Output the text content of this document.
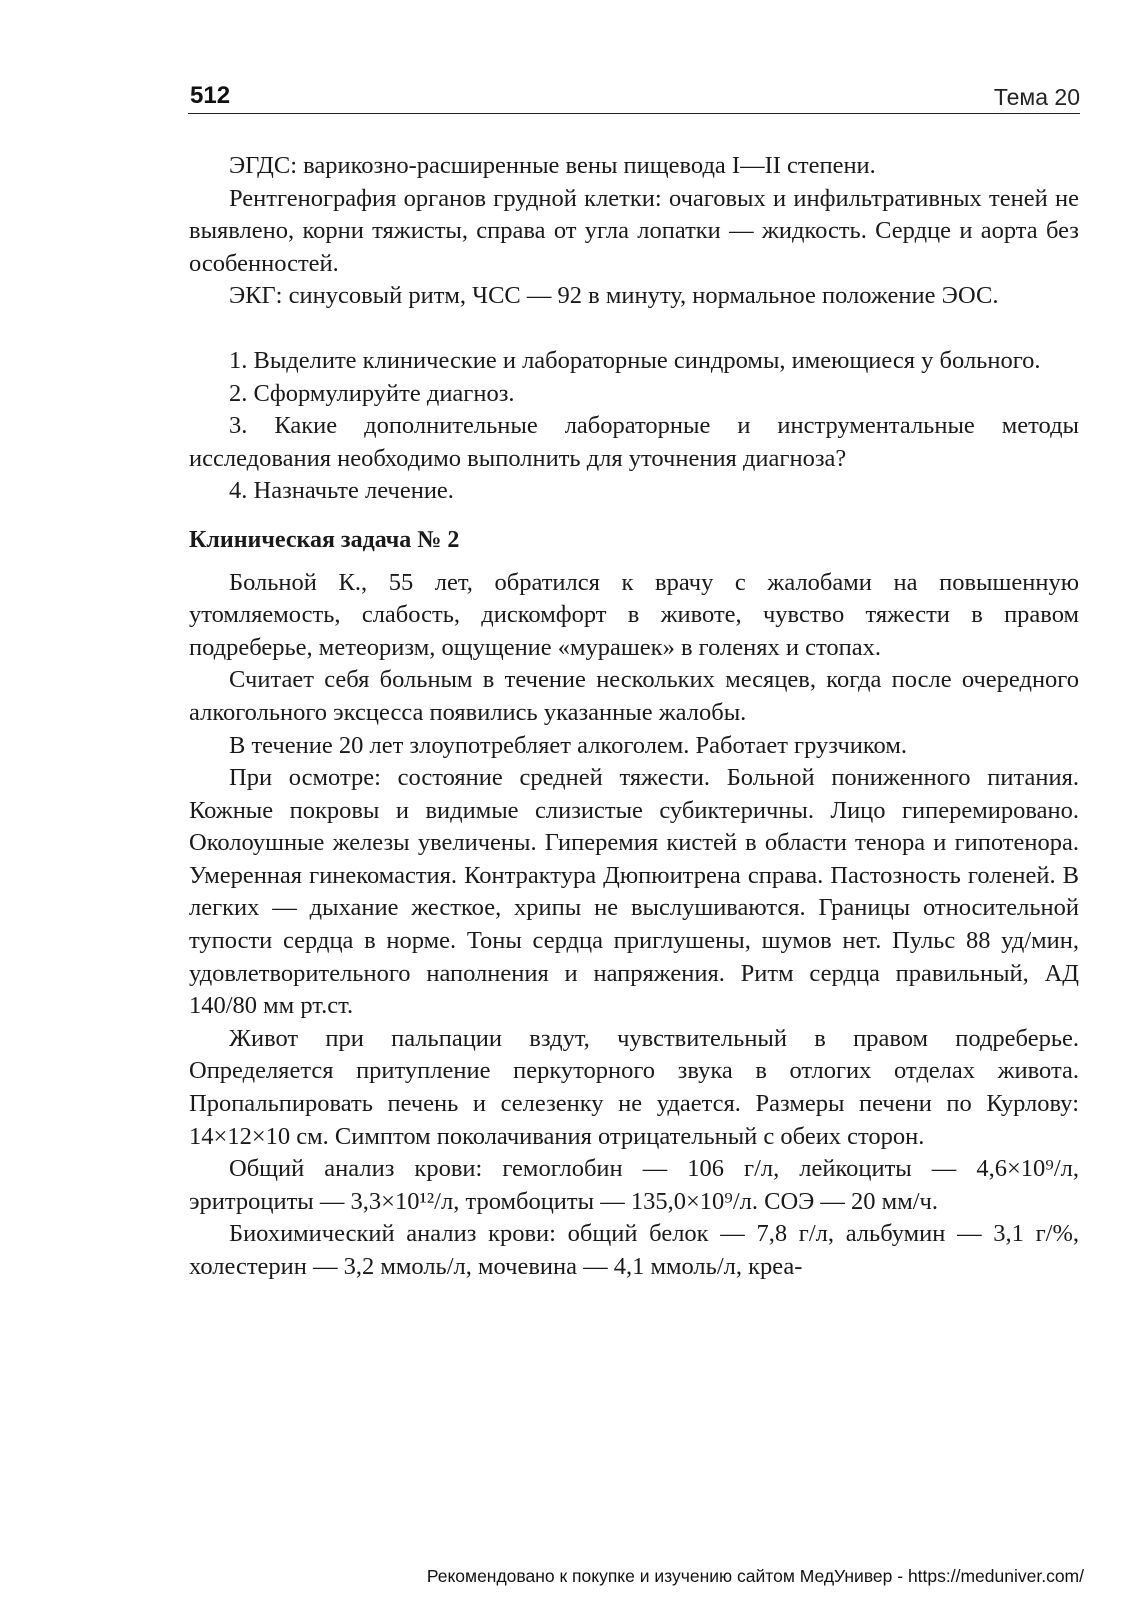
512	Тема 20

ЭГДС: варикозно-расширенные вены пищевода I—II степени.

Рентгенография органов грудной клетки: очаговых и инфильтративных теней не выявлено, корни тяжисты, справа от угла лопатки — жидкость. Сердце и аорта без особенностей.

ЭКГ: синусовый ритм, ЧСС — 92 в минуту, нормальное положение ЭОС.

1. Выделите клинические и лабораторные синдромы, имеющиеся у больного.

2. Сформулируйте диагноз.

3. Какие дополнительные лабораторные и инструментальные методы исследования необходимо выполнить для уточнения диагноза?

4. Назначьте лечение.

Клиническая задача № 2

Больной К., 55 лет, обратился к врачу с жалобами на повышенную утомляемость, слабость, дискомфорт в животе, чувство тяжести в правом подреберье, метеоризм, ощущение «мурашек» в голенях и стопах.

Считает себя больным в течение нескольких месяцев, когда после очередного алкогольного эксцесса появились указанные жалобы.

В течение 20 лет злоупотребляет алкоголем. Работает грузчиком.

При осмотре: состояние средней тяжести. Больной пониженного питания. Кожные покровы и видимые слизистые субиктеричны. Лицо гиперемировано. Околоушные железы увеличены. Гиперемия кистей в области тенора и гипотенора. Умеренная гинекомастия. Контрактура Дюпюитрена справа. Пастозность голеней. В легких — дыхание жесткое, хрипы не выслушиваются. Границы относительной тупости сердца в норме. Тоны сердца приглушены, шумов нет. Пульс 88 уд/мин, удовлетворительного наполнения и напряжения. Ритм сердца правильный, АД 140/80 мм рт.ст.

Живот при пальпации вздут, чувствительный в правом подреберье. Определяется притупление перкуторного звука в отлогих отделах живота. Пропальпировать печень и селезенку не удается. Размеры печени по Курлову: 14×12×10 см. Симптом поколачивания отрицательный с обеих сторон.

Общий анализ крови: гемоглобин — 106 г/л, лейкоциты — 4,6×10⁹/л, эритроциты — 3,3×10¹²/л, тромбоциты — 135,0×10⁹/л. СОЭ — 20 мм/ч.

Биохимический анализ крови: общий белок — 7,8 г/л, альбумин — 3,1 г/%, холестерин — 3,2 ммоль/л, мочевина — 4,1 ммоль/л, креа-

Рекомендовано к покупке и изучению сайтом МедУнивер - https://meduniver.com/
